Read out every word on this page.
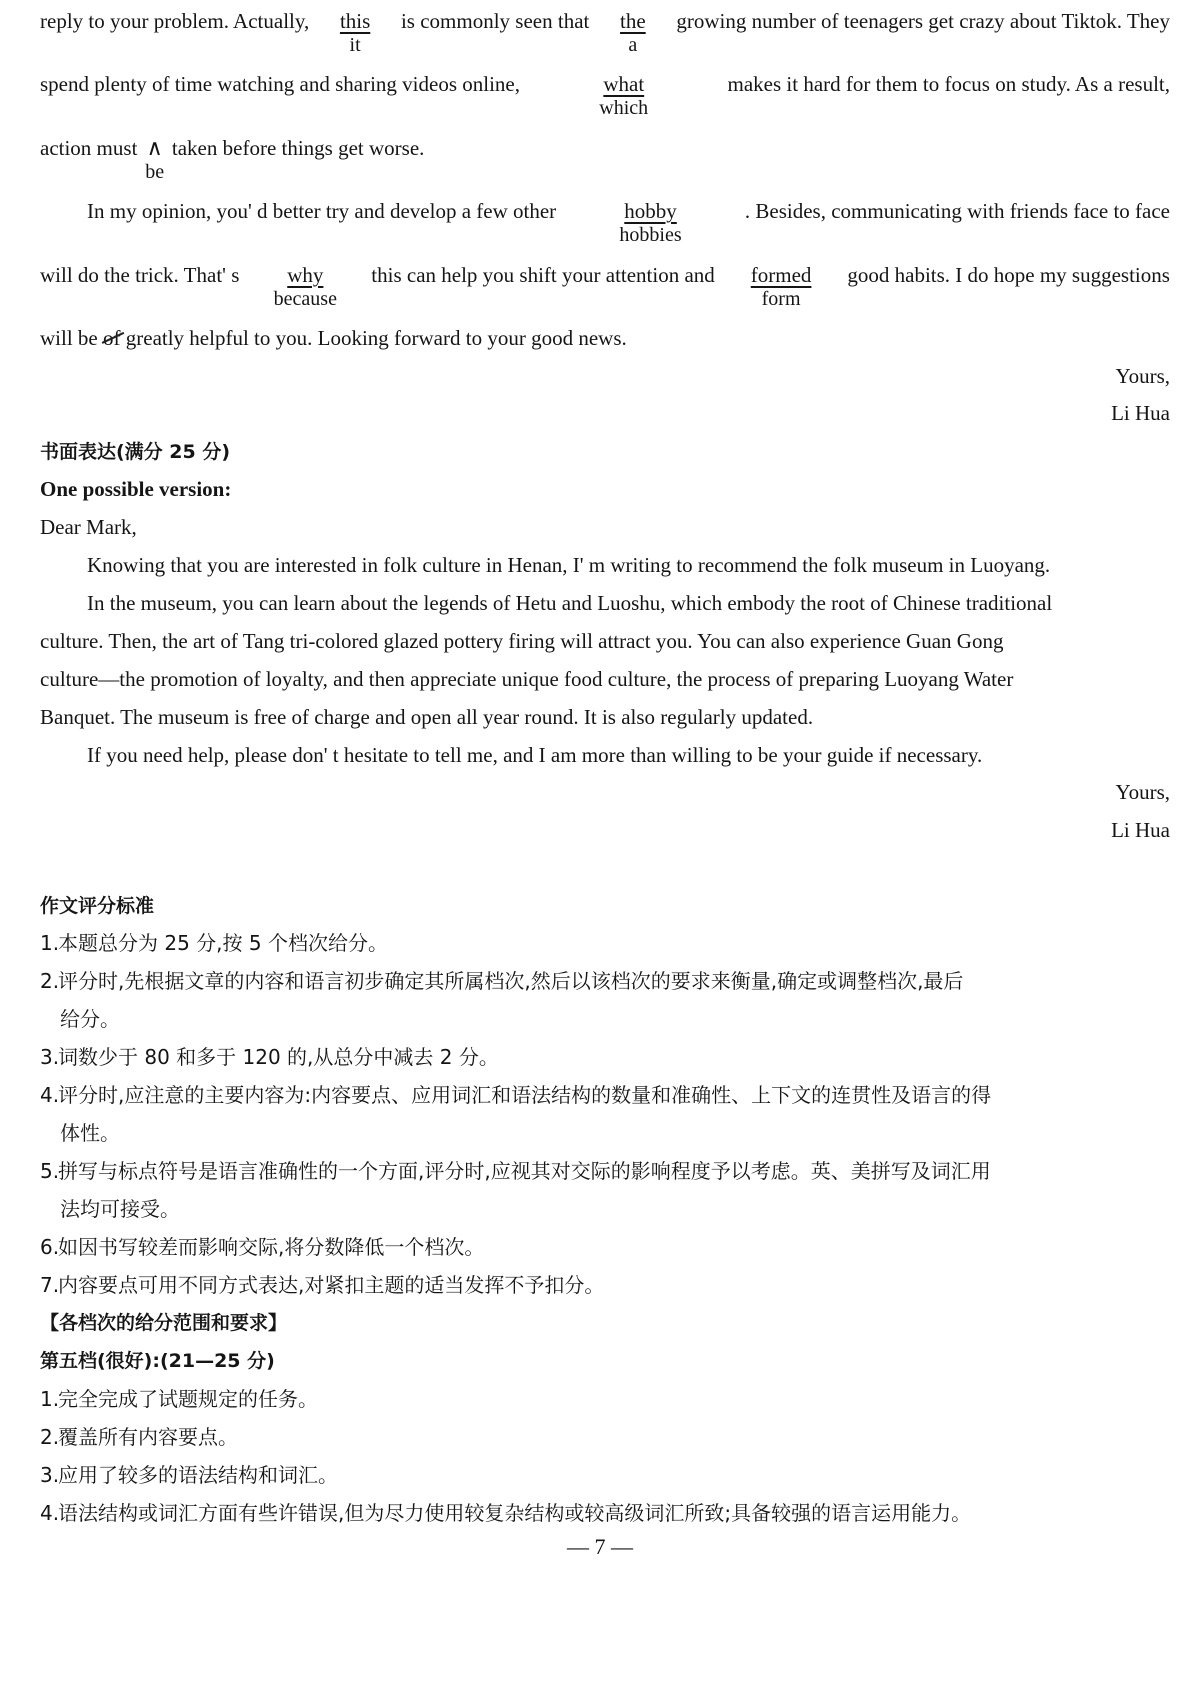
reply to your problem. Actually, this
it
is commonly seen that the
a
growing number of teenagers get crazy about Tiktok. They
spend plenty of time watching and sharing videos online,	what
which
makes it hard for them to focus on study. As a result,
action must ∧
be
taken before things get worse.
In my opinion, you' d better try and develop a few other	hobby
hobbies
. Besides, communicating with friends face to face
will do the trick. That' s	why
because
this can help you shift your attention and formed
form
good habits. I do hope my suggestions
will be of greatly helpful to you. Looking forward to your good news.
Yours,
Li Hua
书面表达(满分 25 分)
One possible version:
Dear Mark,
Knowing that you are interested in folk culture in Henan, I' m writing to recommend the folk museum in Luoyang.
In the museum, you can learn about the legends of Hetu and Luoshu, which embody the root of Chinese traditional
culture. Then, the art of Tang tri-colored glazed pottery firing will attract you. You can also experience Guan Gong
culture—the promotion of loyalty, and then appreciate unique food culture, the process of preparing Luoyang Water
Banquet. The museum is free of charge and open all year round. It is also regularly updated.
If you need help, please don' t hesitate to tell me, and I am more than willing to be your guide if necessary.
Yours,
Li Hua
作文评分标准
1.本题总分为 25 分,按 5 个档次给分。
2.评分时,先根据文章的内容和语言初步确定其所属档次,然后以该档次的要求来衡量,确定或调整档次,最后
给分。
3.词数少于 80 和多于 120 的,从总分中减去 2 分。
4.评分时,应注意的主要内容为:内容要点、应用词汇和语法结构的数量和准确性、上下文的连贯性及语言的得
体性。
5.拼写与标点符号是语言准确性的一个方面,评分时,应视其对交际的影响程度予以考虑。英、美拼写及词汇用
法均可接受。
6.如因书写较差而影响交际,将分数降低一个档次。
7.内容要点可用不同方式表达,对紧扣主题的适当发挥不予扣分。
【各档次的给分范围和要求】
第五档(很好):(21—25 分)
1.完全完成了试题规定的任务。
2.覆盖所有内容要点。
3.应用了较多的语法结构和词汇。
4.语法结构或词汇方面有些许错误,但为尽力使用较复杂结构或较高级词汇所致;具备较强的语言运用能力。
— 7 —
